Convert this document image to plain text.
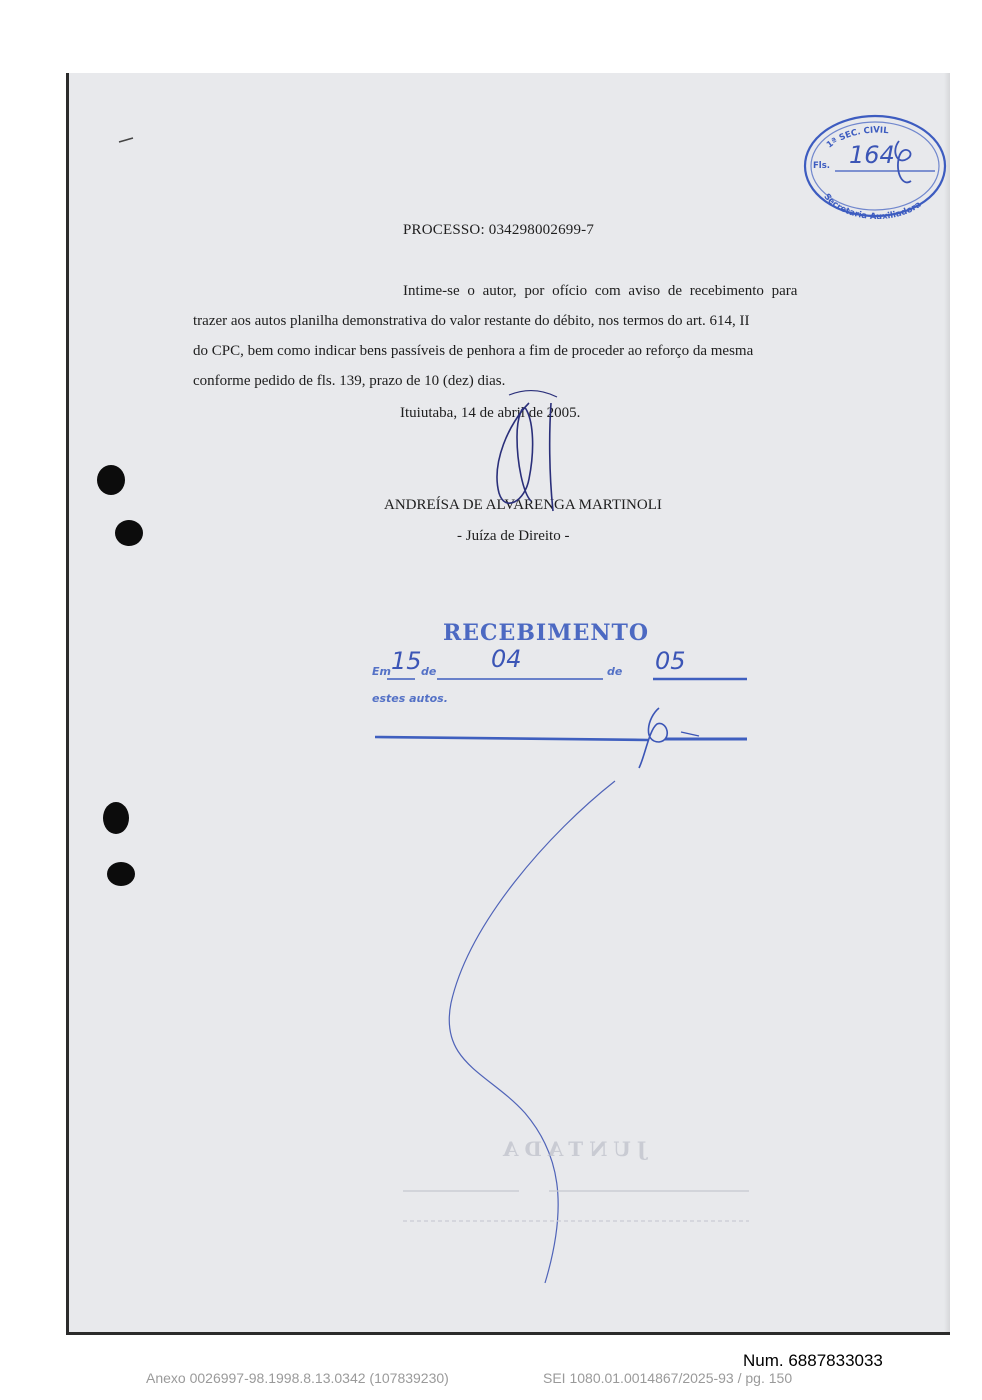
1ª SEC. CIVIL
Fls. 164
Secretaria Auxiliadora
PROCESSO: 034298002699-7
Intime-se o autor, por ofício com aviso de recebimento para
trazer aos autos planilha demonstrativa do valor restante do débito, nos termos do art. 614, II
do CPC, bem como indicar bens passíveis de penhora a fim de proceder ao reforço da mesma
conforme pedido de fls. 139, prazo de 10 (dez) dias.
Ituiutaba, 14 de abril de 2005.
ANDREÍSA DE ALVARENGA MARTINOLI
- Juíza de Direito -
RECEBIMENTO
Em 15 de 04	de 05
estes autos.
JUNTADA
Num. 6887833033
Anexo 0026997-98.1998.8.13.0342 (107839230)	SEI 1080.01.0014867/2025-93 / pg. 150
